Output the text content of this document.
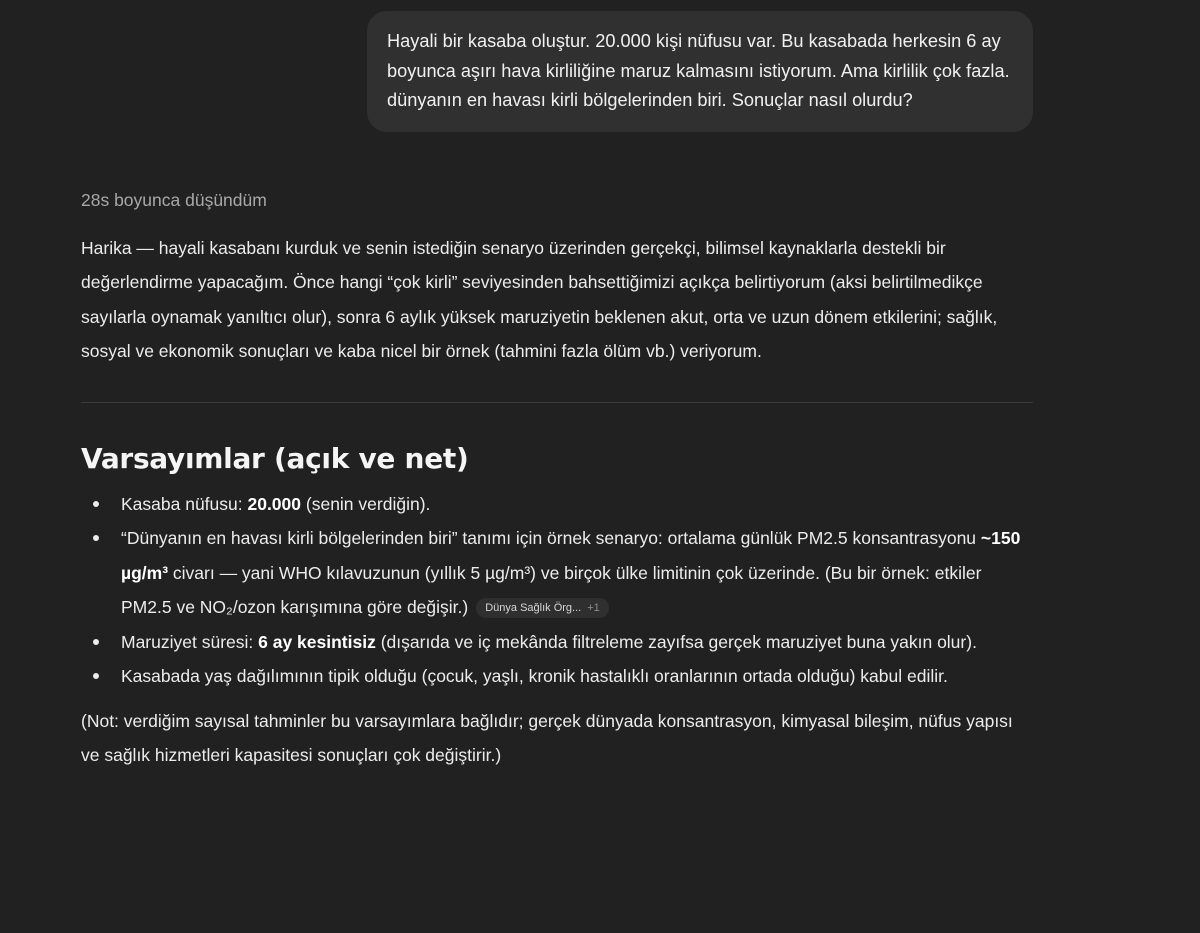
Hayali bir kasaba oluştur. 20.000 kişi nüfusu var. Bu kasabada herkesin 6 ay boyunca aşırı hava kirliliğine maruz kalmasını istiyorum. Ama kirlilik çok fazla. dünyanın en havası kirli bölgelerinden biri. Sonuçlar nasıl olurdu?
28s boyunca düşündüm
Harika — hayali kasabanı kurduk ve senin istediğin senaryo üzerinden gerçekçi, bilimsel kaynaklarla destekli bir değerlendirme yapacağım. Önce hangi “çok kirli” seviyesinden bahsettiğimizi açıkça belirtiyorum (aksi belirtilmedikçe sayılarla oynamak yanıltıcı olur), sonra 6 aylık yüksek maruziyetin beklenen akut, orta ve uzun dönem etkilerini; sağlık, sosyal ve ekonomik sonuçları ve kaba nicel bir örnek (tahmini fazla ölüm vb.) veriyorum.
Varsayımlar (açık ve net)
Kasaba nüfusu: 20.000 (senin verdiğin).
“Dünyanın en havası kirli bölgelerinden biri” tanımı için örnek senaryo: ortalama günlük PM2.5 konsantrasyonu ~150 µg/m³ civarı — yani WHO kılavuzunun (yıllık 5 µg/m³) ve birçok ülke limitinin çok üzerinde. (Bu bir örnek: etkiler PM2.5 ve NO₂/ozon karışımına göre değişir.) Dünya Sağlık Örg... +1
Maruziyet süresi: 6 ay kesintisiz (dışarıda ve iç mekânda filtreleme zayıfsa gerçek maruziyet buna yakın olur).
Kasabada yaş dağılımının tipik olduğu (çocuk, yaşlı, kronik hastalıklı oranlarının ortada olduğu) kabul edilir.
(Not: verdiğim sayısal tahminler bu varsayımlara bağlıdır; gerçek dünyada konsantrasyon, kimyasal bileşim, nüfus yapısı ve sağlık hizmetleri kapasitesi sonuçları çok değiştirir.)
